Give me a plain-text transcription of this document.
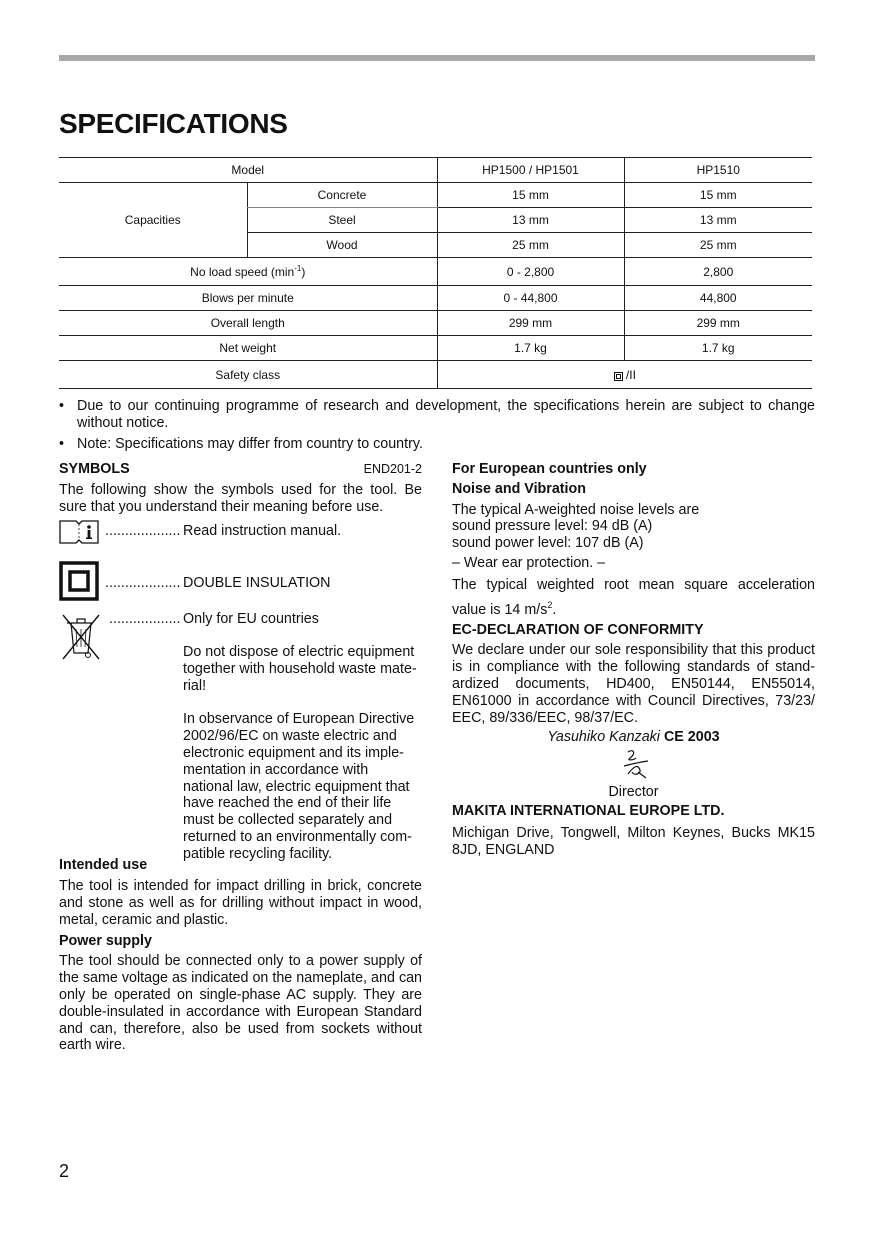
SPECIFICATIONS
Model		HP1500 / HP1501	HP1510
Capacities	Concrete	15 mm	15 mm
	Steel	13 mm	13 mm
	Wood	25 mm	25 mm
No load speed $(\min^{-1})$		0 - 2,800	2,800
Blows per minute		0 - 44,800	44,800
Overall length		299 mm	299 mm
Net weight		1.7 kg	1.7 kg
Safety class		/II	
• Due to our continuing programme of research and development, the specifications herein are subject to change without notice.
• Note: Specifications may differ from country to country.
SYMBOLS	END201-2
The following show the symbols used for the tool. Be sure that you understand their meaning before use.
................... Read instruction manual.
................... DOUBLE INSULATION
.................. Only for EU countries
Do not dispose of electric equipment together with household waste mate-rial!
In observance of European Directive 2002/96/EC on waste electric and electronic equipment and its imple-mentation in accordance with national law, electric equipment that have reached the end of their life must be collected separately and returned to an environmentally com-patible recycling facility.
Intended use
The tool is intended for impact drilling in brick, concrete and stone as well as for drilling without impact in wood, metal, ceramic and plastic.
Power supply
The tool should be connected only to a power supply of the same voltage as indicated on the nameplate, and can only be operated on single-phase AC supply. They are double-insulated in accordance with European Standard and can, therefore, also be used from sockets without earth wire.
For European countries only
Noise and Vibration
The typical A-weighted noise levels are
sound pressure level: 94 dB (A)
sound power level: 107 dB (A)
– Wear ear protection. –
The typical weighted root mean square acceleration value is 14 $m/s^2$.
EC-DECLARATION OF CONFORMITY
We declare under our sole responsibility that this product is in compliance with the following standards of stand-ardized documents, HD400, EN50144, EN55014, EN61000 in accordance with Council Directives, 73/23/ EEC, 89/336/EEC, 98/37/EC.
Yasuhiko Kanzaki CE 2003
Director
MAKITA INTERNATIONAL EUROPE LTD.
Michigan Drive, Tongwell, Milton Keynes, Bucks MK15 8JD, ENGLAND
2
